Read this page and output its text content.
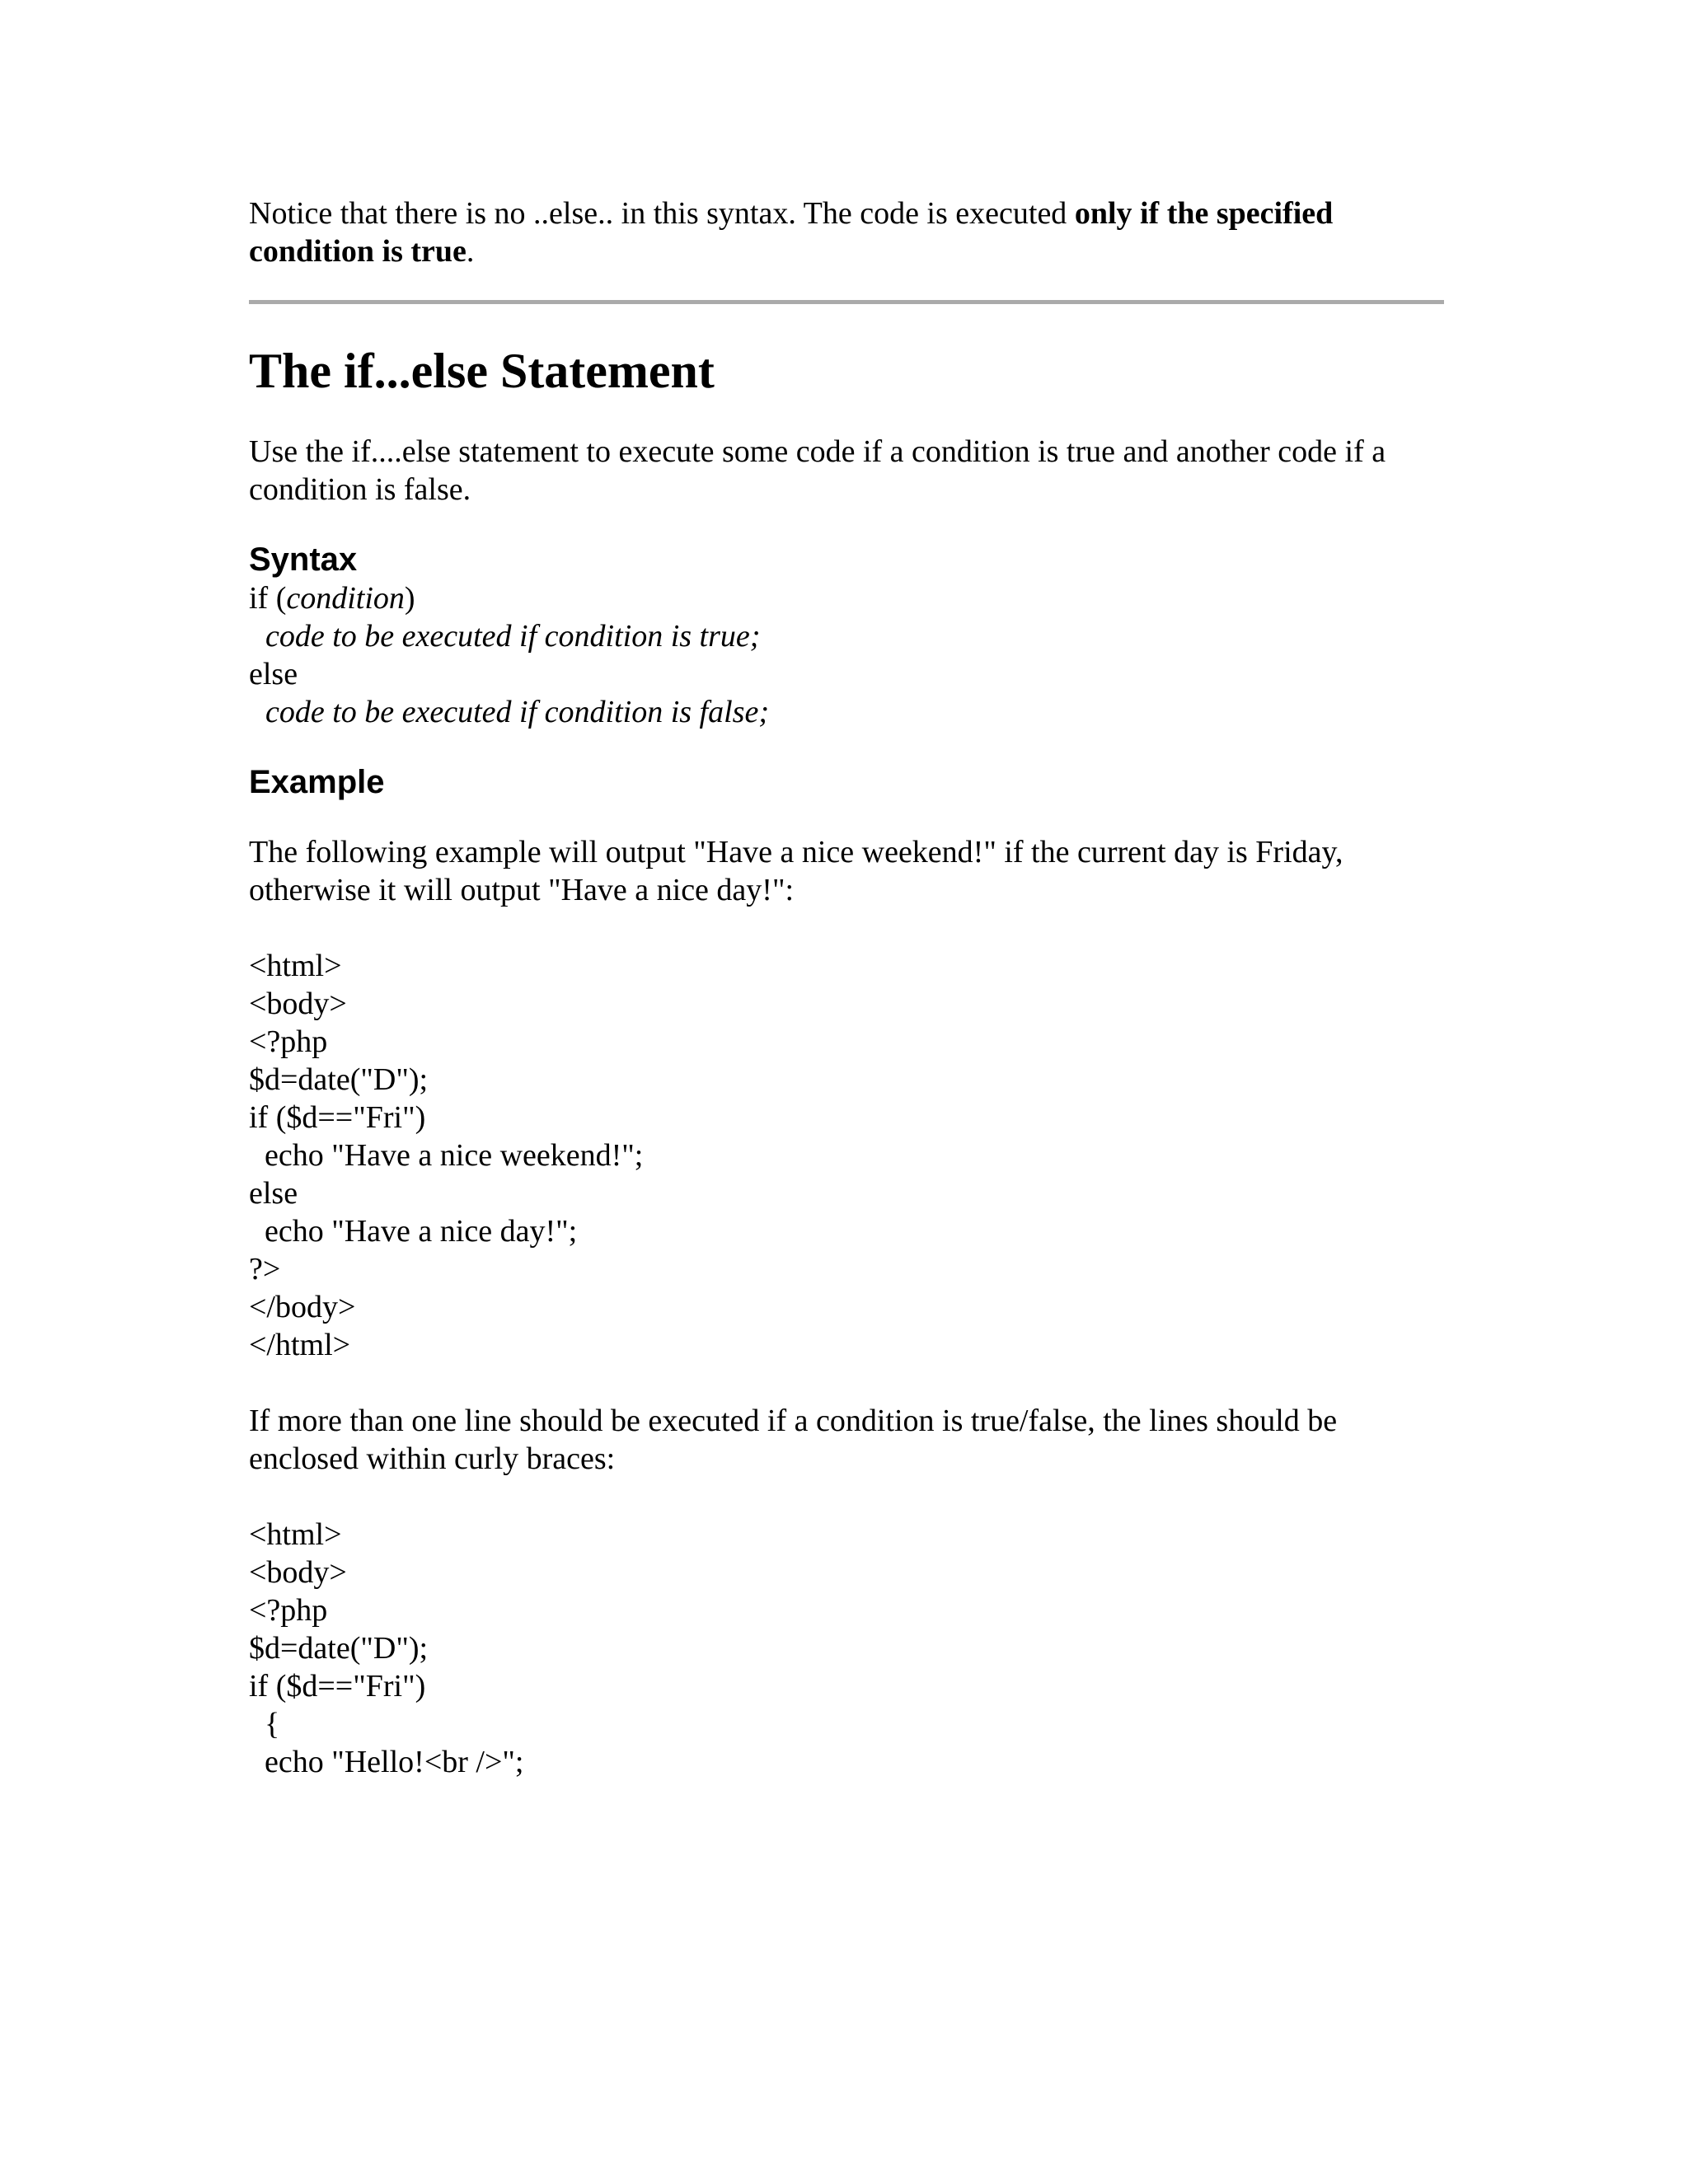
Notice that there is no ..else.. in this syntax. The code is executed only if the specified condition is true.

The if...else Statement

Use the if....else statement to execute some code if a condition is true and another code if a condition is false.

Syntax
if (condition)
code to be executed if condition is true;
else
code to be executed if condition is false;
Example

The following example will output "Have a nice weekend!" if the current day is Friday, otherwise it will output "Have a nice day!":

<html>
<body>
<?php
$d=date("D");
if ($d=="Fri")
echo "Have a nice weekend!";
else
echo "Have a nice day!";
?>
</body>
</html>

If more than one line should be executed if a condition is true/false, the lines should be enclosed within curly braces:

<html>
<body>
<?php
$d=date("D");
if ($d=="Fri")
{
echo "Hello!<br />";
